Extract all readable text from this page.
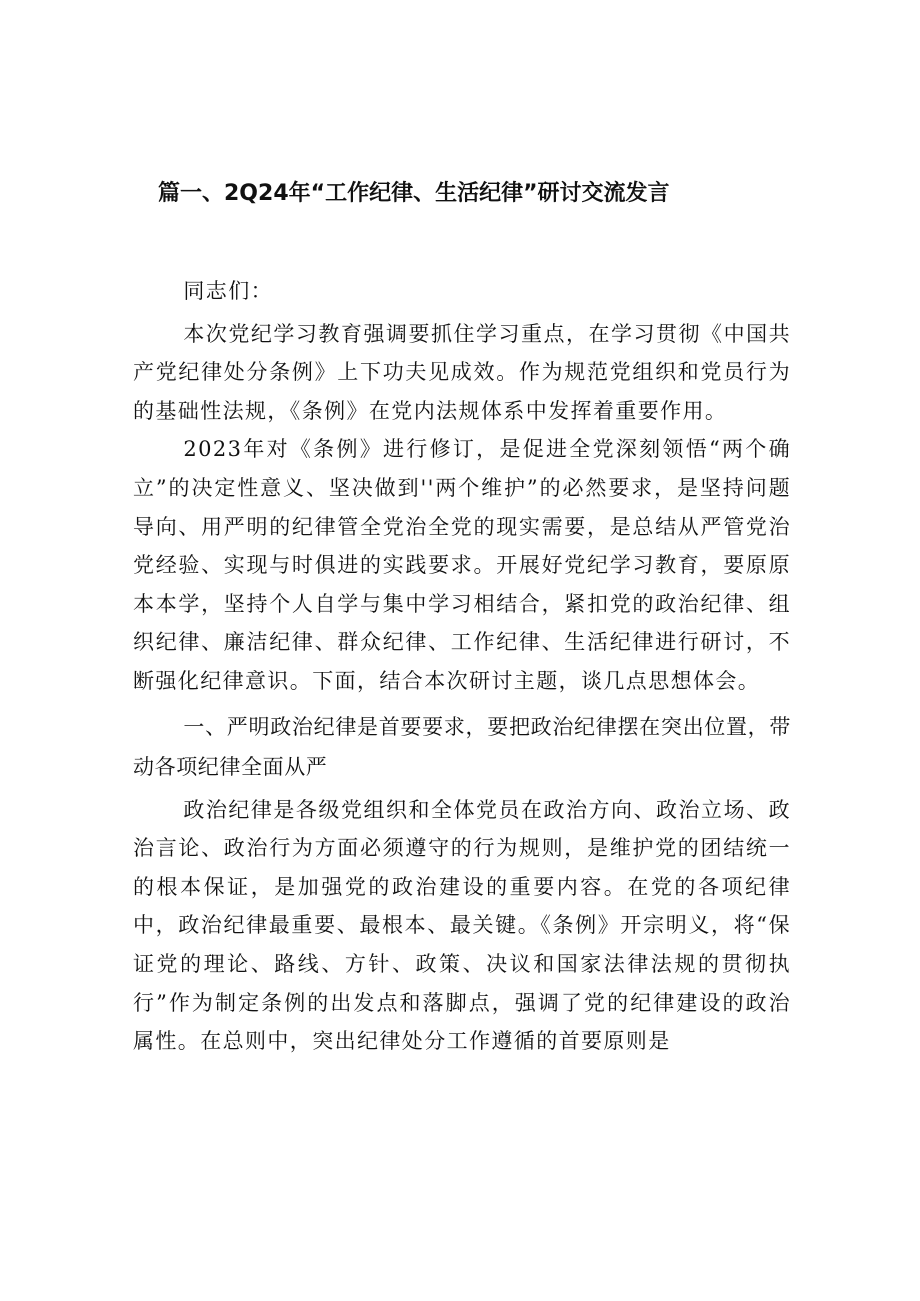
篇一、2Q24年“工作纪律、生活纪律”研讨交流发言

同志们：

本次党纪学习教育强调要抓住学习重点，在学习贯彻《中国共产党纪律处分条例》上下功夫见成效。作为规范党组织和党员行为的基础性法规，《条例》在党内法规体系中发挥着重要作用。

2023年对《条例》进行修订，是促进全党深刻领悟“两个确立”的决定性意义、坚决做到''两个维护”的必然要求，是坚持问题导向、用严明的纪律管全党治全党的现实需要，是总结从严管党治党经验、实现与时俱进的实践要求。开展好党纪学习教育，要原原本本学，坚持个人自学与集中学习相结合，紧扣党的政治纪律、组织纪律、廉洁纪律、群众纪律、工作纪律、生活纪律进行研讨，不断强化纪律意识。下面，结合本次研讨主题，谈几点思想体会。

一、严明政治纪律是首要要求，要把政治纪律摆在突出位置，带动各项纪律全面从严

政治纪律是各级党组织和全体党员在政治方向、政治立场、政治言论、政治行为方面必须遵守的行为规则，是维护党的团结统一的根本保证，是加强党的政治建设的重要内容。在党的各项纪律中，政治纪律最重要、最根本、最关键。《条例》开宗明义，将“保证党的理论、路线、方针、政策、决议和国家法律法规的贯彻执行”作为制定条例的出发点和落脚点，强调了党的纪律建设的政治属性。在总则中，突出纪律处分工作遵循的首要原则是
